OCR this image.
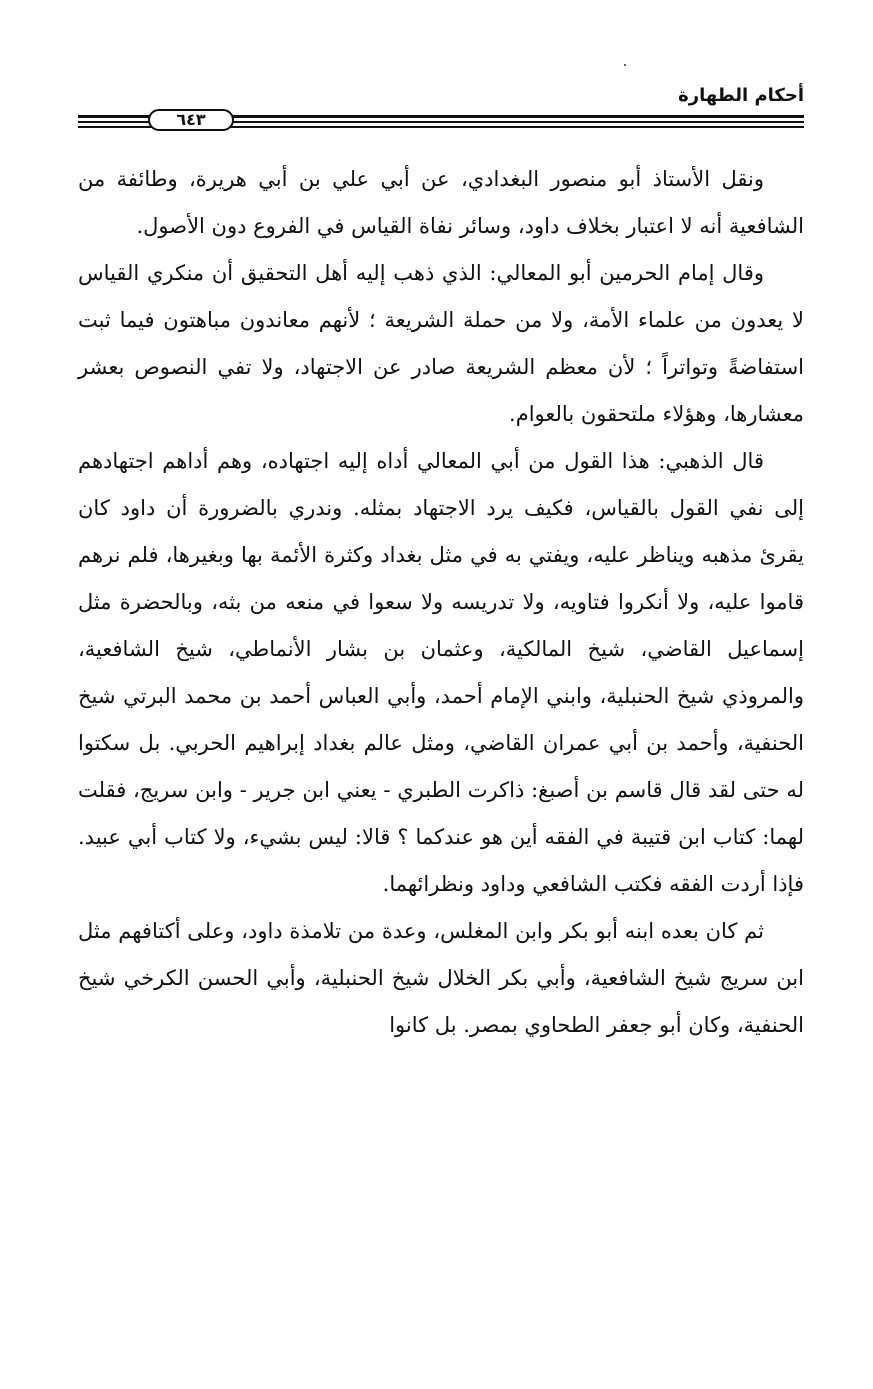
أحكام الطهارة
٦٤٣

ونقل الأستاذ أبو منصور البغدادي، عن أبي علي بن أبي هريرة، وطائفة من الشافعية أنه لا اعتبار بخلاف داود، وسائر نفاة القياس في الفروع دون الأصول.

وقال إمام الحرمين أبو المعالي: الذي ذهب إليه أهل التحقيق أن منكري القياس لا يعدون من علماء الأمة، ولا من حملة الشريعة ؛ لأنهم معاندون مباهتون فيما ثبت استفاضةً وتواتراً ؛ لأن معظم الشريعة صادر عن الاجتهاد، ولا تفي النصوص بعشر معشارها، وهؤلاء ملتحقون بالعوام.

قال الذهبي: هذا القول من أبي المعالي أداه إليه اجتهاده، وهم أداهم اجتهادهم إلى نفي القول بالقياس، فكيف يرد الاجتهاد بمثله. وندري بالضرورة أن داود كان يقرئ مذهبه ويناظر عليه، ويفتي به في مثل بغداد وكثرة الأئمة بها وبغيرها، فلم نرهم قاموا عليه، ولا أنكروا فتاويه، ولا تدريسه ولا سعوا في منعه من بثه، وبالحضرة مثل إسماعيل القاضي، شيخ المالكية، وعثمان بن بشار الأنماطي، شيخ الشافعية، والمروذي شيخ الحنبلية، وابني الإمام أحمد، وأبي العباس أحمد بن محمد البرتي شيخ الحنفية، وأحمد بن أبي عمران القاضي، ومثل عالم بغداد إبراهيم الحربي. بل سكتوا له حتى لقد قال قاسم بن أصبغ: ذاكرت الطبري - يعني ابن جرير - وابن سريج، فقلت لهما: كتاب ابن قتيبة في الفقه أين هو عندكما ؟ قالا: ليس بشيء، ولا كتاب أبي عبيد. فإذا أردت الفقه فكتب الشافعي وداود ونظرائهما.

ثم كان بعده ابنه أبو بكر وابن المغلس، وعدة من تلامذة داود، وعلى أكتافهم مثل ابن سريج شيخ الشافعية، وأبي بكر الخلال شيخ الحنبلية، وأبي الحسن الكرخي شيخ الحنفية، وكان أبو جعفر الطحاوي بمصر. بل كانوا
